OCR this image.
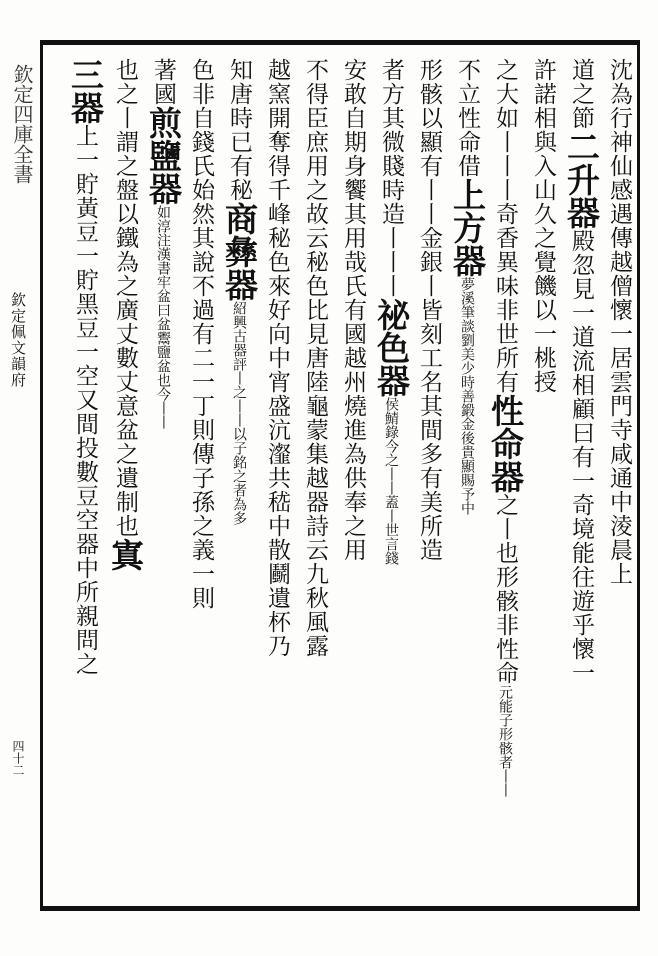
欽定四庫全書
欽定佩文韻府
四十二
沈為行神仙感遇傳越僧懷一居雲門寺咸通中淩晨上
道之節二升器殿忽見一道流相顧曰有一奇境能往遊乎懷一
許諾相與入山久之覺饑以一桃授
之大如丨丨丨奇香異味非世所有性命器之丨也形骸非性命元能子形骸者丨丨
不立性命借上方器夢溪筆談劉美少時善鍛金後貴顯賜予中
形骸以顯有丨丨金銀丨皆刻工名其間多有美所造
者方其微賤時造丨丨丨祕色器侯鯖錄今之丨丨蓋丨世言錢
安敢自期身饗其用哉氏有國越州燒進為供奉之用
不得臣庶用之故云秘色比見唐陸龜蒙集越器詩云九秋風露
越窯開奪得千峰秘色來好向中宵盛沆瀣共嵇中散鬬遺杯乃
知唐時已有秘商彝器紹興古器評丨之丨丨以子銘之者為多
色非自錢氏始然其說不過有二一丁則傳子孫之義一則
著國煎鹽器如淳注漢書牢盆曰盆鬻鹽盆也今丨丨
也之丨謂之盤以鐵為之廣丈數丈意盆之遺制也寘
三器上一貯黃豆一貯黑豆一空又間投數豆空器中所親問之
